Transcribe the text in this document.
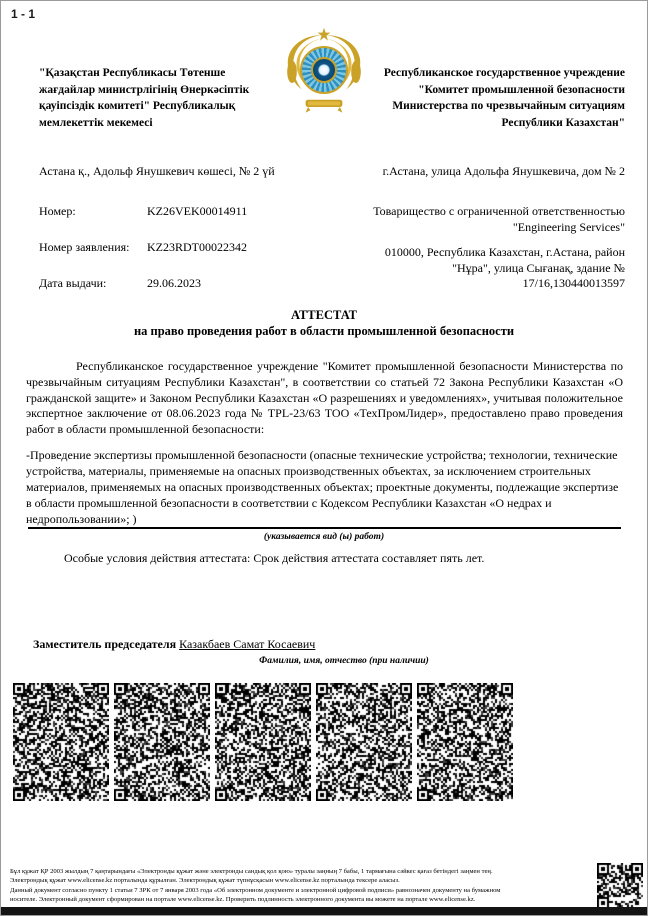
1 - 1
"Қазақстан Республикасы Төтенше жағдайлар министрлігінің Өнеркәсіптік қауіпсіздік комитеті" Республикалық мемлекеттік мекемесі
Республиканское государственное учреждение "Комитет промышленной безопасности Министерства по чрезвычайным ситуациям Республики Казахстан"
Астана қ., Адольф Янушкевич көшесі, № 2 үй	г.Астана, улица Адольфа Янушкевича, дом № 2
Номер:	KZ26VEK00014911
Номер заявления: KZ23RDT00022342
Дата выдачи:	29.06.2023
Товарищество с ограниченной ответственностью "Engineering Services"
010000, Республика Казахстан, г.Астана, район "Нұра", улица Сығанақ, здание № 17/16,130440013597
АТТЕСТАТ
на право проведения работ в области промышленной безопасности
Республиканское государственное учреждение "Комитет промышленной безопасности Министерства по чрезвычайным ситуациям Республики Казахстан", в соответствии со статьей 72 Закона Республики Казахстан «О гражданской защите» и Законом Республики Казахстан «О разрешениях и уведомлениях», учитывая положительное экспертное заключение от 08.06.2023 года № TPL-23/63 ТОО «ТехПромЛидер», предоставлено право проведения работ в области промышленной безопасности:
-Проведение экспертизы промышленной безопасности (опасные технические устройства; технологии, технические устройства, материалы, применяемые на опасных производственных объектах, за исключением строительных материалов, применяемых на опасных производственных объектах; проектные документы, подлежащие экспертизе в области промышленной безопасности в соответствии с Кодексом Республики Казахстан «О недрах и недропользовании»; )
(указывается вид (ы) работ)
Особые условия действия аттестата: Срок действия аттестата составляет пять лет.
Заместитель председателя Казакбаев Самат Косаевич
Фамилия, имя, отчество (при наличии)
Бұл құжат ҚР 2003 жылдың 7 қаңтарындағы «Электронды құжат және электронды сандық қол қою» туралы заңның 7 бабы, 1 тармағына сәйкес қағаз бетіндегі заңмен тең.
Электрондық құжат www.elicense.kz порталында құрылған. Электрондық құжат түпнұсқасын www.elicense.kz порталында тексере аласыз.
Данный документ согласно пункту 1 статьи 7 ЗРК от 7 января 2003 года «Об электронном документе и электронной цифровой подписи» равнозначен документу на бумажном
носителе. Электронный документ сформирован на портале www.elicense.kz. Проверить подлинность электронного документа вы можете на портале www.elicense.kz.
